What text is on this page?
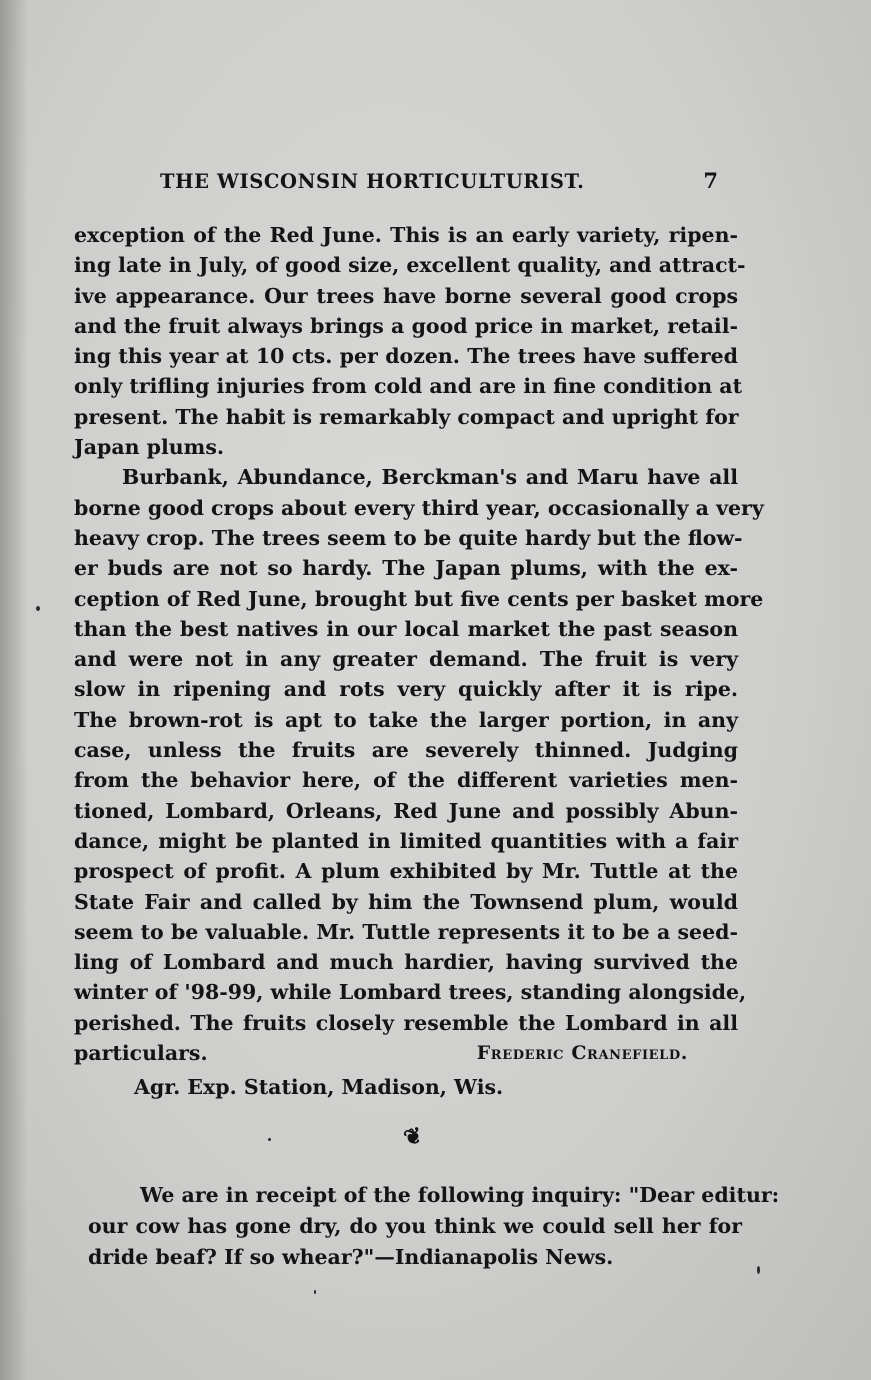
THE WISCONSIN HORTICULTURIST.	7
exception of the Red June. This is an early variety, ripen-
ing late in July, of good size, excellent quality, and attract-
ive appearance. Our trees have borne several good crops
and the fruit always brings a good price in market, retail-
ing this year at 10 cts. per dozen. The trees have suffered
only trifling injuries from cold and are in fine condition at
present. The habit is remarkably compact and upright for
Japan plums.
Burbank, Abundance, Berckman's and Maru have all
borne good crops about every third year, occasionally a very
heavy crop. The trees seem to be quite hardy but the flow-
er buds are not so hardy. The Japan plums, with the ex-
ception of Red June, brought but five cents per basket more
than the best natives in our local market the past season
and were not in any greater demand. The fruit is very
slow in ripening and rots very quickly after it is ripe.
The brown-rot is apt to take the larger portion, in any
case, unless the fruits are severely thinned. Judging
from the behavior here, of the different varieties men-
tioned, Lombard, Orleans, Red June and possibly Abun-
dance, might be planted in limited quantities with a fair
prospect of profit. A plum exhibited by Mr. Tuttle at the
State Fair and called by him the Townsend plum, would
seem to be valuable. Mr. Tuttle represents it to be a seed-
ling of Lombard and much hardier, having survived the
winter of '98-99, while Lombard trees, standing alongside,
perished. The fruits closely resemble the Lombard in all
particulars.	Frederic Cranefield.
Agr. Exp. Station, Madison, Wis.
❦
We are in receipt of the following inquiry: "Dear editur:
our cow has gone dry, do you think we could sell her for
dride beaf? If so whear?"—Indianapolis News.
